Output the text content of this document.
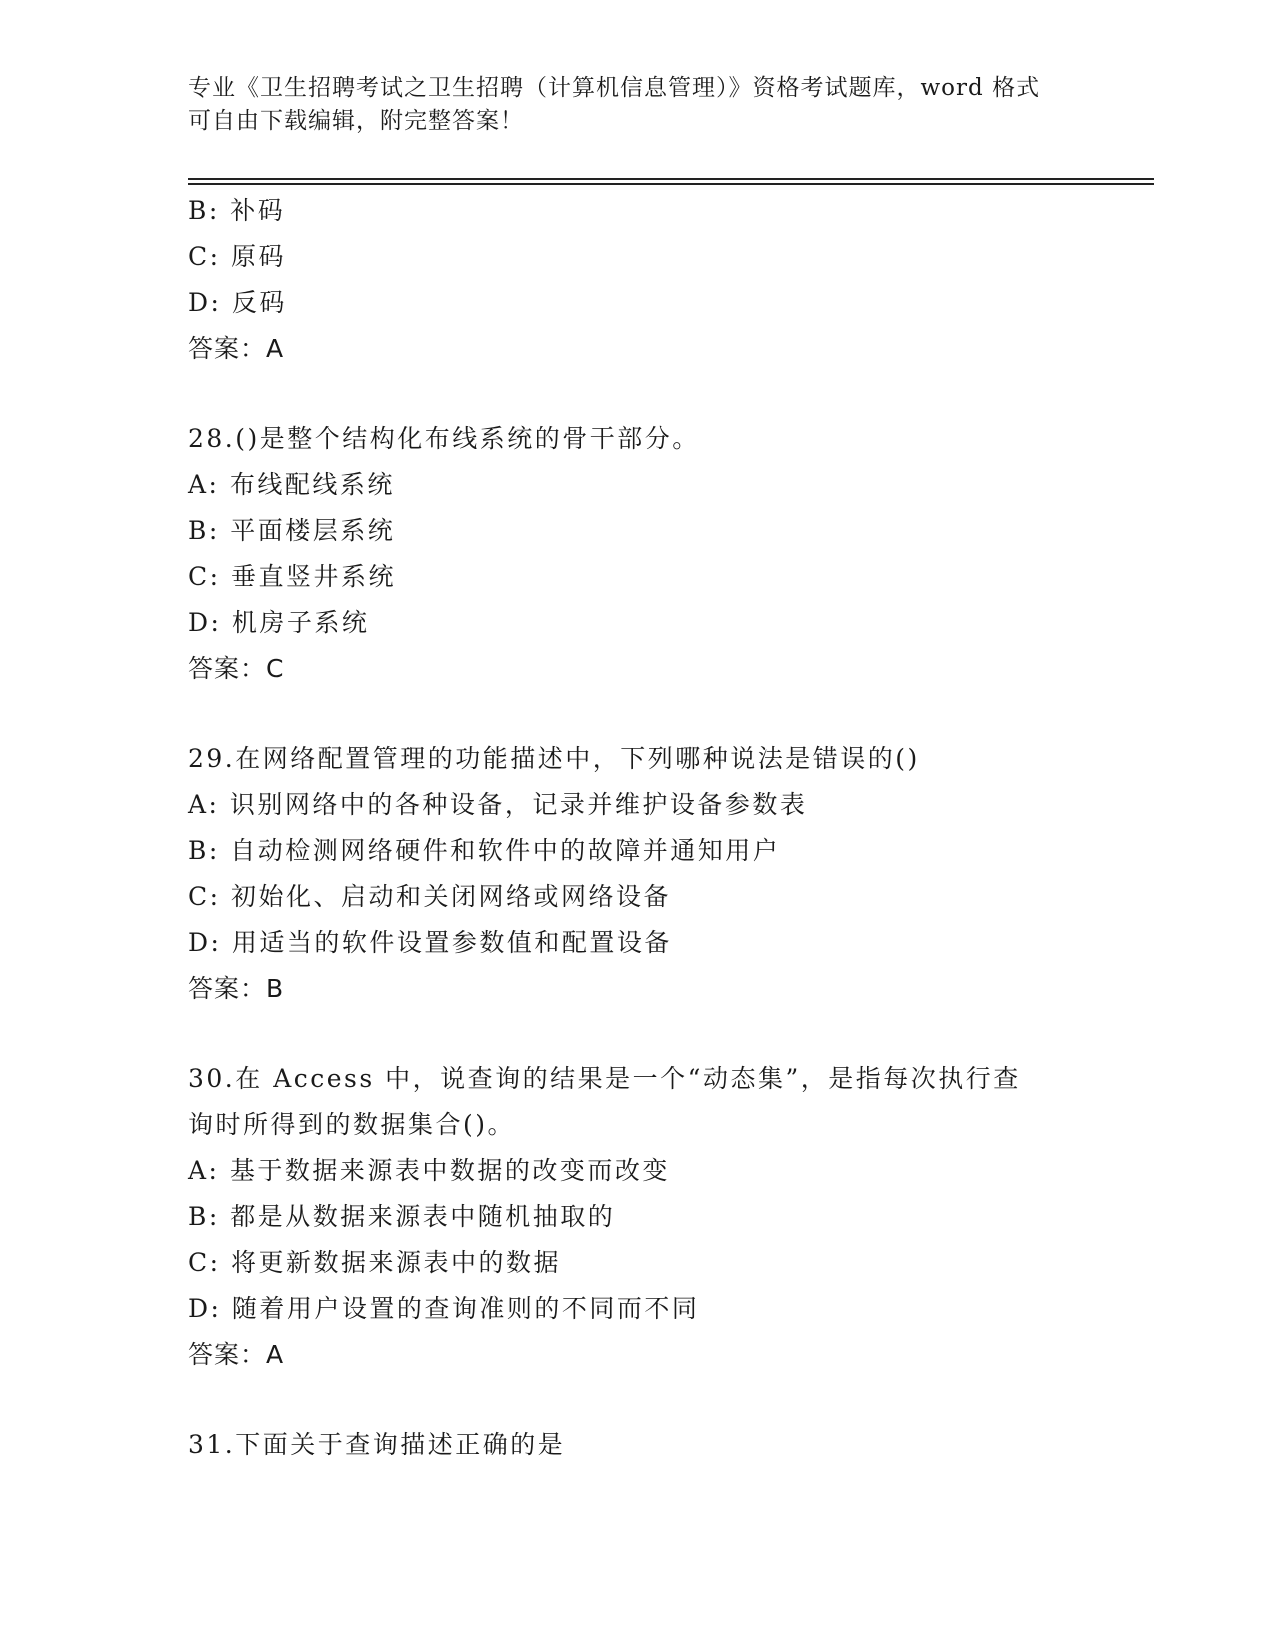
专业《卫生招聘考试之卫生招聘（计算机信息管理）》资格考试题库，word 格式
可自由下载编辑，附完整答案！
B: 补码
C: 原码
D: 反码
答案：A
28.()是整个结构化布线系统的骨干部分。
A: 布线配线系统
B: 平面楼层系统
C: 垂直竖井系统
D: 机房子系统
答案：C
29.在网络配置管理的功能描述中，下列哪种说法是错误的()
A: 识别网络中的各种设备，记录并维护设备参数表
B: 自动检测网络硬件和软件中的故障并通知用户
C: 初始化、启动和关闭网络或网络设备
D: 用适当的软件设置参数值和配置设备
答案：B
30.在 Access 中，说查询的结果是一个“动态集”，是指每次执行查
询时所得到的数据集合()。
A: 基于数据来源表中数据的改变而改变
B: 都是从数据来源表中随机抽取的
C: 将更新数据来源表中的数据
D: 随着用户设置的查询准则的不同而不同
答案：A
31.下面关于查询描述正确的是
